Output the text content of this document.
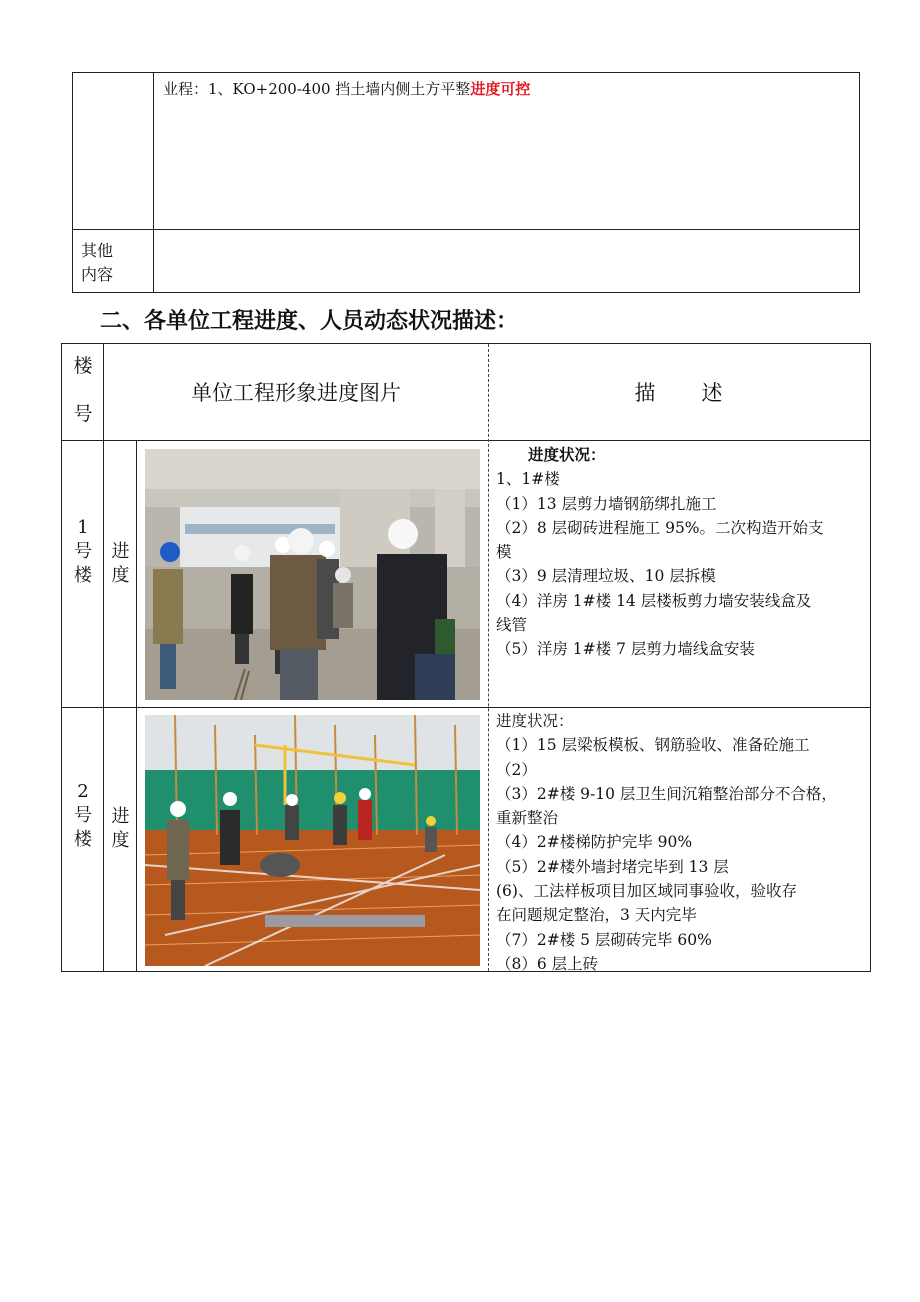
业程：1、KO+200-400 挡土墙内侧土方平整进度可控
其他
内容
二、各单位工程进度、人员动态状况描述：
楼
号
单位工程形象进度图片	描 述
1
号
楼
进
度
进度状况：
1、1#楼
（1）13 层剪力墙钢筋绑扎施工
（2）8 层砌砖进程施工 95%。二次构造开始支
模
（3）9 层清理垃圾、10 层拆模
（4）洋房 1#楼 14 层楼板剪力墙安装线盒及
线管
（5）洋房 1#楼 7 层剪力墙线盒安装
2
号
楼
进
度
进度状况：
（1）15 层梁板模板、钢筋验收、准备砼施工
（2）
（3）2#楼 9-10 层卫生间沉箱整治部分不合格，
重新整治
（4）2#楼梯防护完毕 90%
（5）2#楼外墙封堵完毕到 13 层
(6)、工法样板项目加区域同事验收，验收存
在问题规定整治，3 天内完毕
（7）2#楼 5 层砌砖完毕 60%
（8）6 层上砖
